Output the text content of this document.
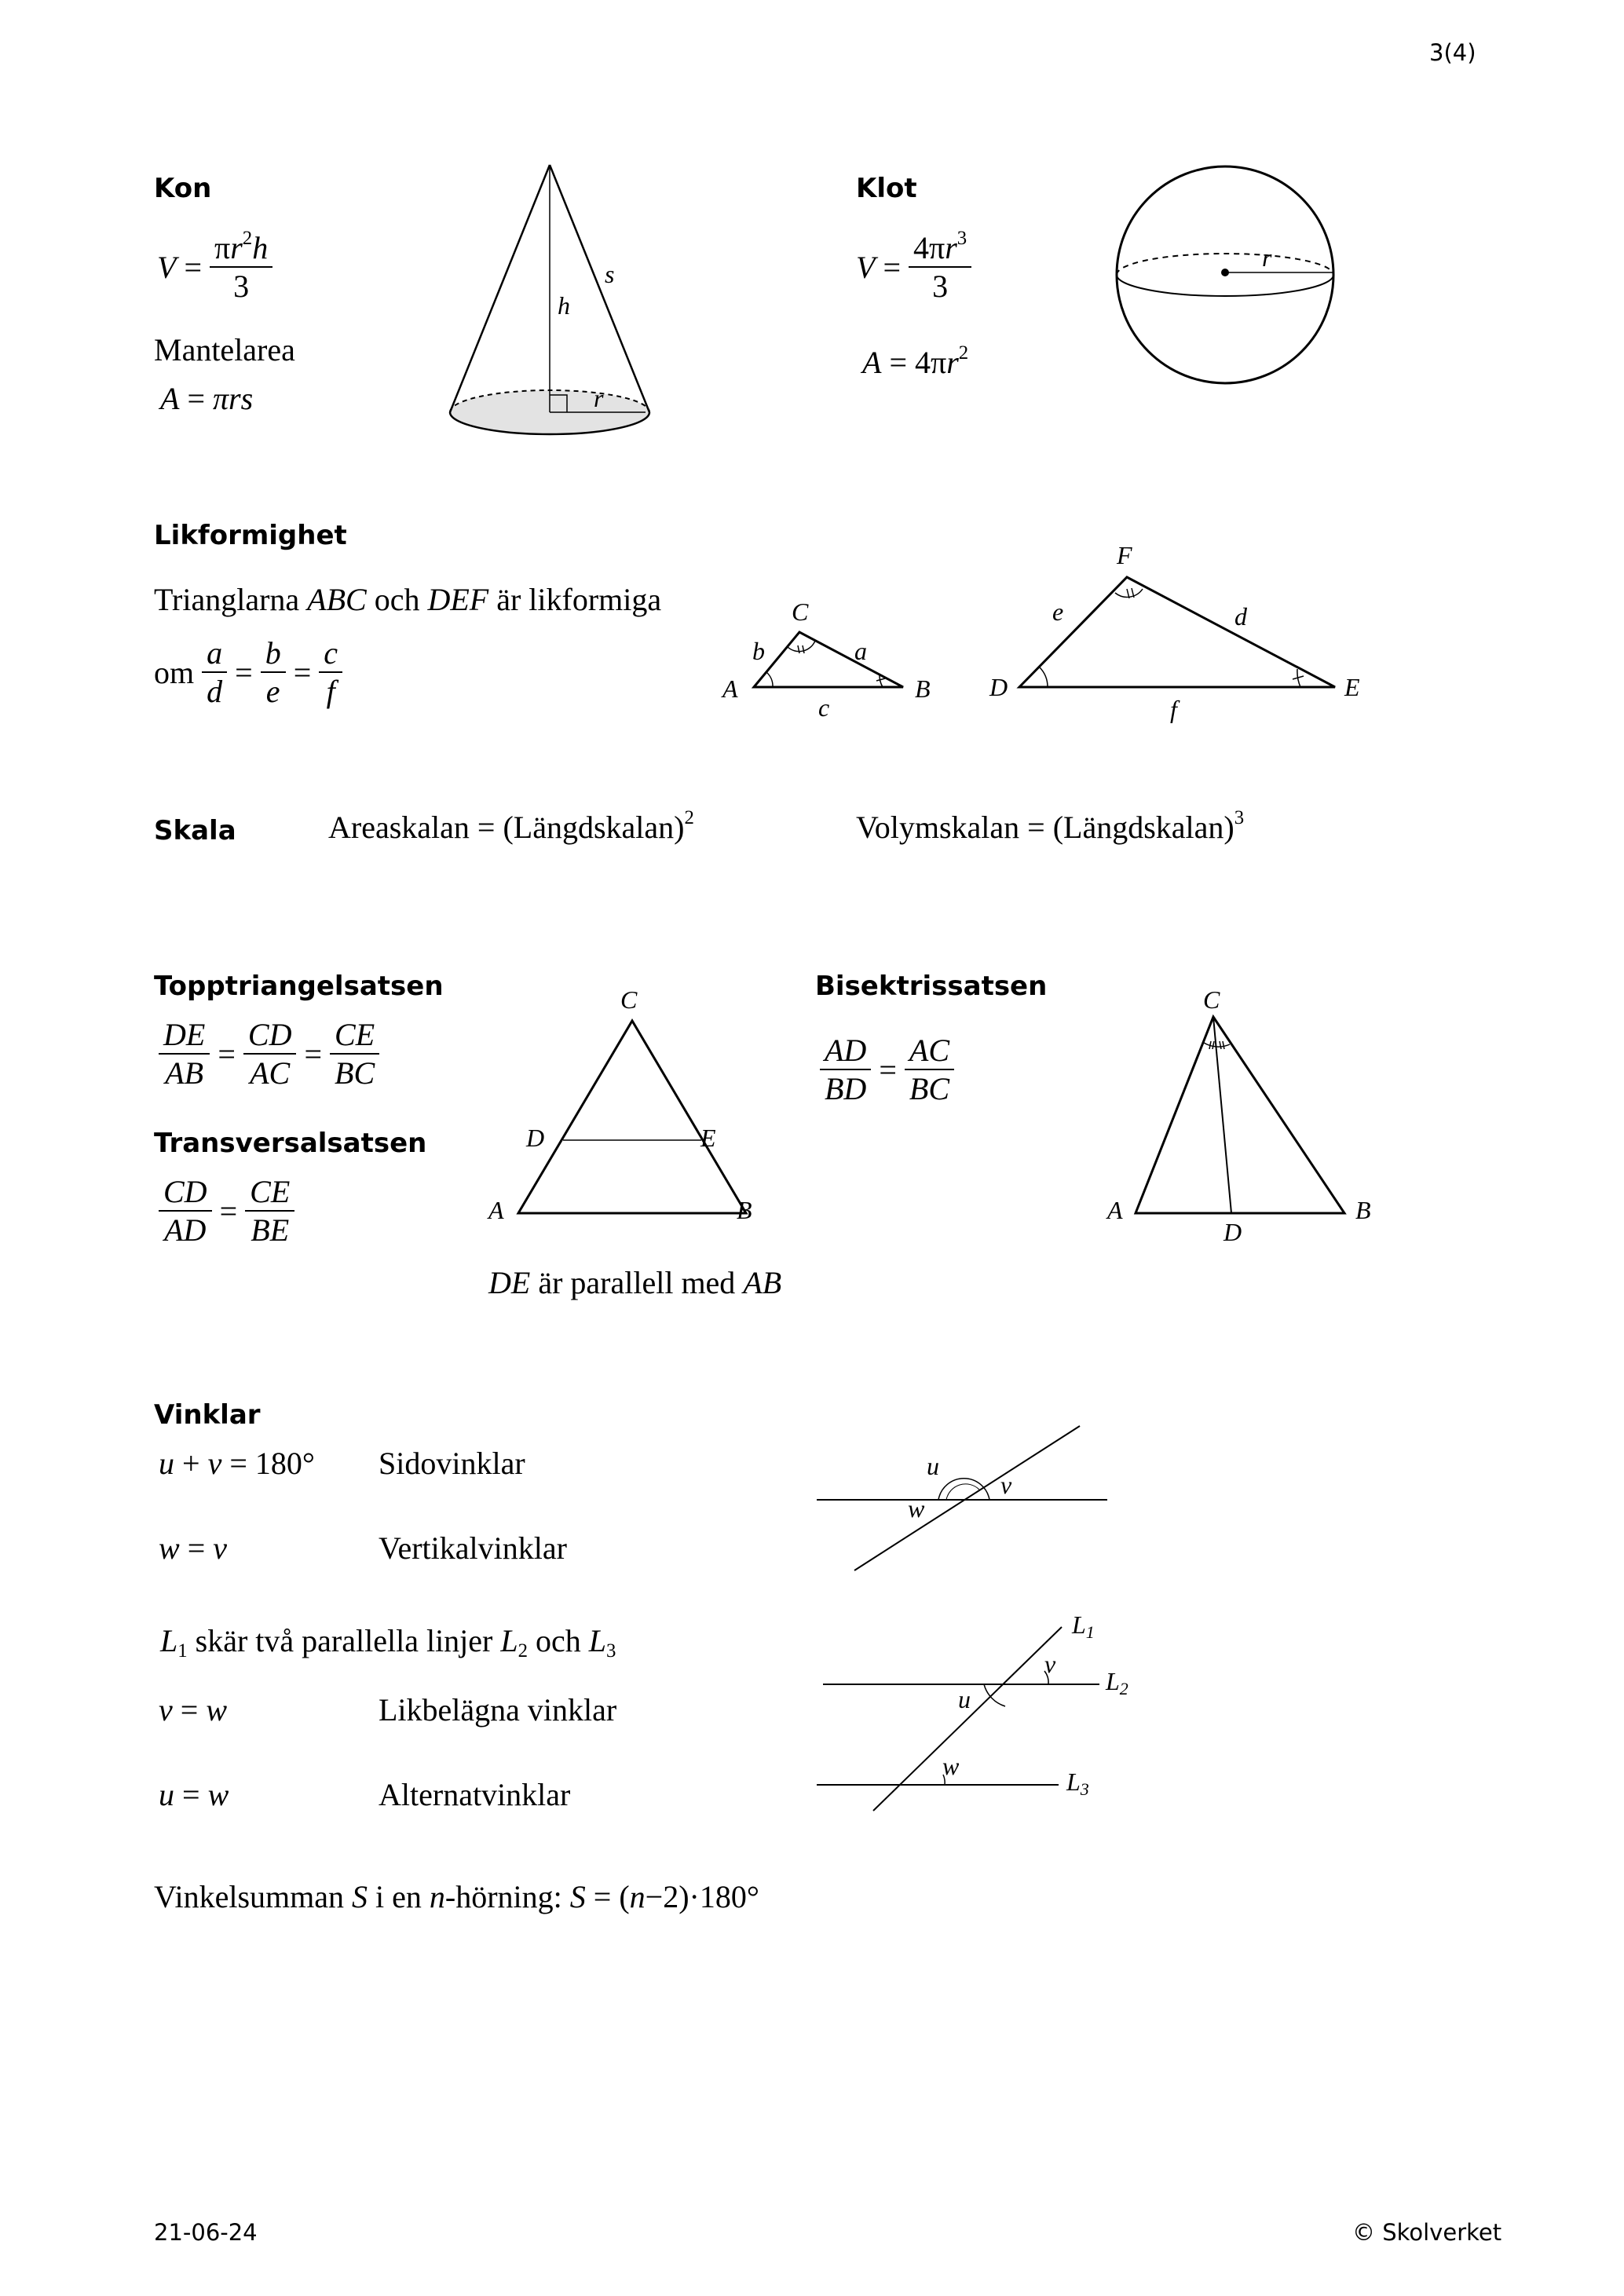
3(4)
21-06-24	© Skolverket
Kon
$V = \frac{\pi r^2h}{3}$
Mantelarea
A = πrs
h
s
r
Klot
$V = \frac{4\pi r^3}{3}$
$A = 4\pi r^2$
r
Likformighet
Trianglarna ABC och DEF är likformiga
om $\frac{a}{d} = \frac{b}{e} = \frac{c}{f}$	A
C
B
b	a
c
D
F
E
e	d
f
Skala	Areaskalan = (Längdskalan)$^2$	Volymskalan = (Längdskalan)$^3$
Topptriangelsatsen
$\frac{DE}{AB} = \frac{CD}{AC} = \frac{CE}{BC}$
Transversalsatsen
$\frac{CD}{AD} = \frac{CE}{BE}$
C
D	E
A	B
DE är parallell med AB
Bisektrissatsen
$\frac{AD}{BD} = \frac{AC}{BC}$
C
A	B
D
Vinklar
u + v = 180° Sidovinklar
w = v	Vertikalvinklar
u
v
w
$L_1$ skär två parallella linjer $L_2$ och $L_3$
v = w	Likbelägna vinklar
u = w	Alternatvinklar
v
u
w
L1
L2
L3
Vinkelsumman S i en n-hörning: S = (n−2)·180°
